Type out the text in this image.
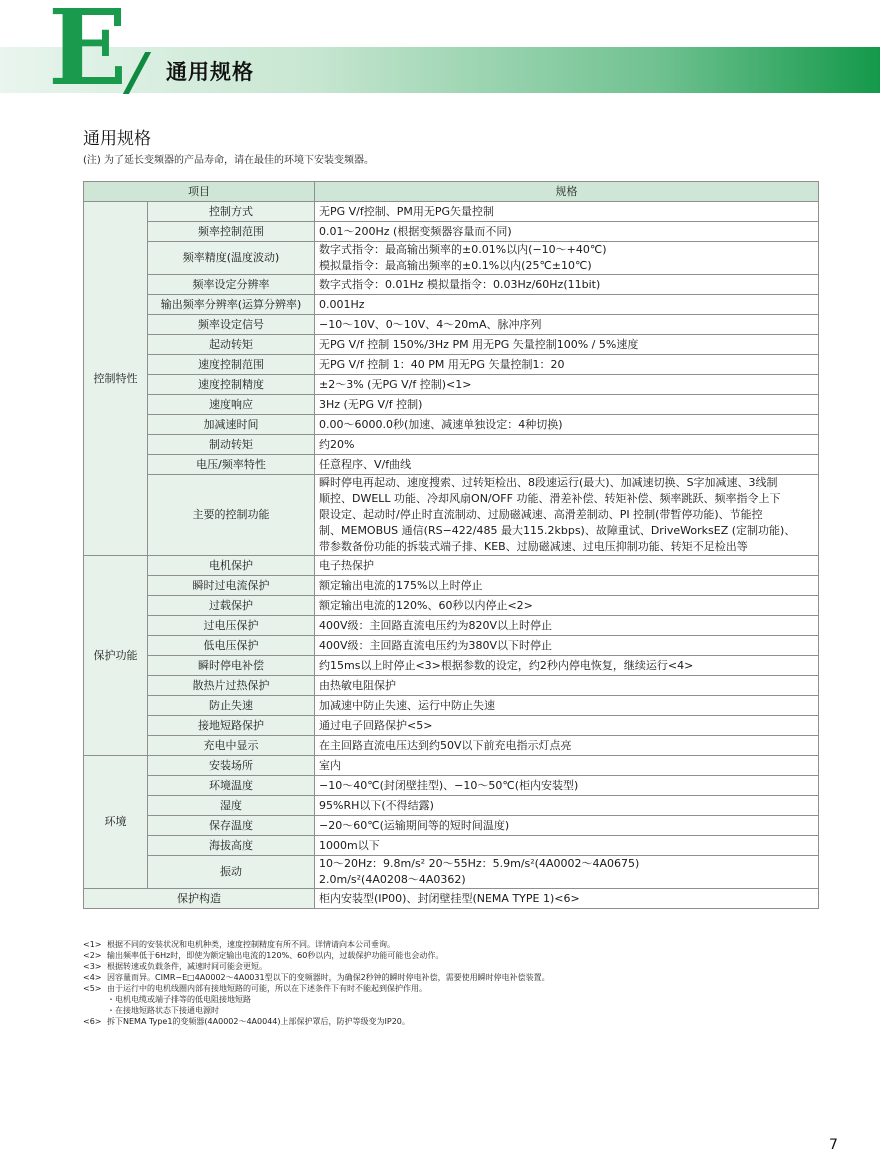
E 通用规格
通用规格
(注) 为了延长变频器的产品寿命，请在最佳的环境下安装变频器。
项目		规格
控制特性	控制方式	无PG V/f控制、PM用无PG矢量控制

	频率控制范围	0.01～200Hz (根据变频器容量而不同)

	频率精度(温度波动)	数字式指令：最高输出频率的±0.01%以内(−10～+40℃)
模拟量指令：最高输出频率的±0.1%以内(25℃±10℃)

	频率设定分辨率	数字式指令：0.01Hz 模拟量指令：0.03Hz/60Hz(11bit)

	输出频率分辨率(运算分辨率)	0.001Hz

	频率设定信号	−10～10V、0～10V、4～20mA、脉冲序列

	起动转矩	无PG V/f 控制 150%/3Hz PM 用无PG 矢量控制100% / 5%速度

	速度控制范围	无PG V/f 控制 1：40 PM 用无PG 矢量控制1：20

	速度控制精度	±2～3% (无PG V/f 控制)<1>

	速度响应	3Hz (无PG V/f 控制)

	加减速时间	0.00～6000.0秒(加速、减速单独设定：4种切换)

	制动转矩	约20%

	电压/频率特性	任意程序、V/f曲线

	主要的控制功能	瞬时停电再起动、速度搜索、过转矩检出、8段速运行(最大)、加减速切换、S字加减速、3线制
顺控、DWELL 功能、冷却风扇ON/OFF 功能、滑差补偿、转矩补偿、频率跳跃、频率指令上下
限设定、起动时/停止时直流制动、过励磁减速、高滑差制动、PI 控制(带暂停功能)、节能控
制、MEMOBUS 通信(RS−422/485 最大115.2kbps)、故障重试、DriveWorksEZ (定制功能)、
带参数备份功能的拆装式端子排、KEB、过励磁减速、过电压抑制功能、转矩不足检出等

保护功能	电机保护	电子热保护

	瞬时过电流保护	额定输出电流的175%以上时停止

	过载保护	额定输出电流的120%、60秒以内停止<2>

	过电压保护	400V级：主回路直流电压约为820V以上时停止

	低电压保护	400V级：主回路直流电压约为380V以下时停止

	瞬时停电补偿	约15ms以上时停止<3>根据参数的设定，约2秒内停电恢复，继续运行<4>

	散热片过热保护	由热敏电阻保护

	防止失速	加减速中防止失速、运行中防止失速

	接地短路保护	通过电子回路保护<5>

	充电中显示	在主回路直流电压达到约50V以下前充电指示灯点亮

环境	安装场所	室内

	环境温度	−10～40℃(封闭壁挂型)、−10～50℃(柜内安装型)

	湿度	95%RH以下(不得结露)

	保存温度	−20～60℃(运输期间等的短时间温度)

	海拔高度	1000m以下

	振动	10～20Hz：9.8m/s² 20～55Hz：5.9m/s²(4A0002～4A0675)
2.0m/s²(4A0208～4A0362)

保护构造		柜内安装型(IP00)、封闭壁挂型(NEMA TYPE 1)<6>
<1> 根据不同的安装状况和电机种类，速度控制精度有所不同。详情请向本公司垂询。
<2> 输出频率低于6Hz时，即使为额定输出电流的120%、60秒以内，过载保护功能可能也会动作。
<3> 根据转速或负载条件，减速时间可能会更短。
<4> 因容量而异。CIMR−E□4A0002～4A0031型以下的变频器时，为确保2秒钟的瞬时停电补偿，需要使用瞬时停电补偿装置。
<5> 由于运行中的电机线圈内部有接地短路的可能，所以在下述条件下有时不能起到保护作用。
・电机电缆或端子排等的低电阻接地短路
・在接地短路状态下接通电源时
<6> 拆下NEMA Type1的变频器(4A0002～4A0044)上部保护罩后，防护等级变为IP20。
7
